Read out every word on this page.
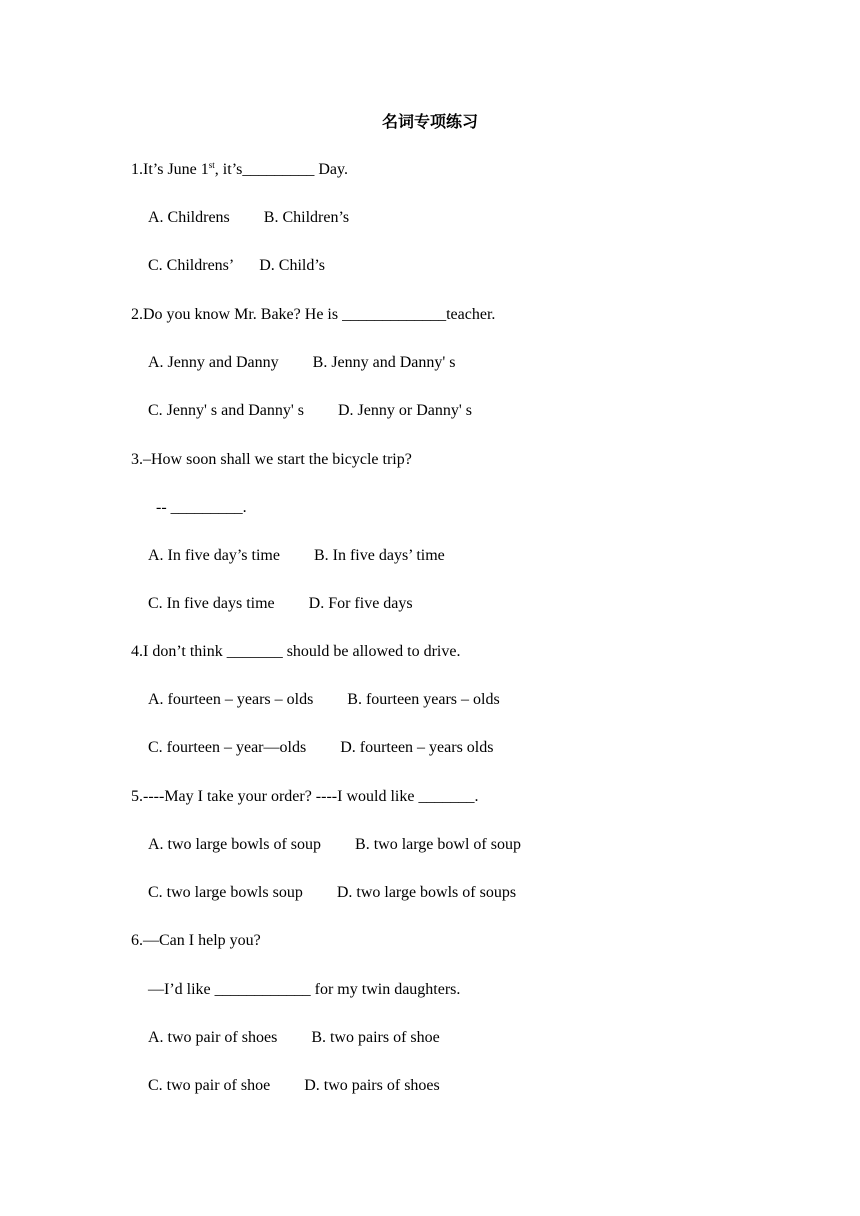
名词专项练习
1.It’s June 1st, it’s_________ Day.
A. Childrens B. Children’s
C. Childrens’ D. Child’s
2.Do you know Mr. Bake? He is _____________teacher.
A. Jenny and Danny B. Jenny and Danny' s
C. Jenny' s and Danny' s D. Jenny or Danny' s
3.–How soon shall we start the bicycle trip?
-- _________.
A. In five day’s time B. In five days’ time
C. In five days time D. For five days
4.I don’t think _______ should be allowed to drive.
A. fourteen – years – olds B. fourteen years – olds
C. fourteen – year—olds D. fourteen – years olds
5.----May I take your order? ----I would like _______.
A. two large bowls of soup B. two large bowl of soup
C. two large bowls soup D. two large bowls of soups
6.—Can I help you?
—I’d like ____________ for my twin daughters.
A. two pair of shoes B. two pairs of shoe
C. two pair of shoe D. two pairs of shoes
